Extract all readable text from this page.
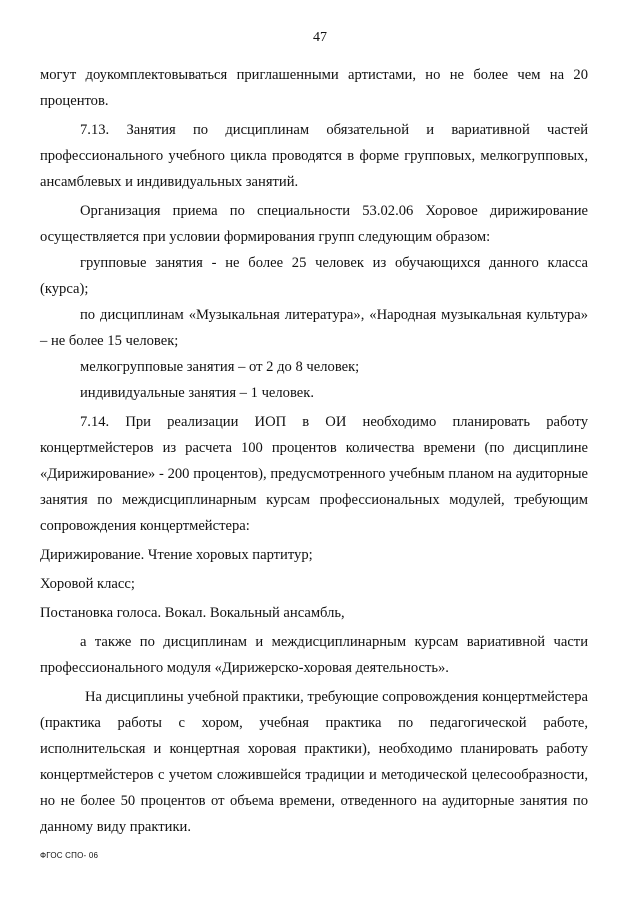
47

могут доукомплектовываться приглашенными артистами, но не более чем на 20 процентов.

7.13. Занятия по дисциплинам обязательной и вариативной частей профессионального учебного цикла проводятся в форме групповых, мелкогрупповых, ансамблевых и индивидуальных занятий.

Организация приема по специальности 53.02.06 Хоровое дирижирование осуществляется при условии формирования групп следующим образом:

групповые занятия - не более 25 человек из обучающихся данного класса (курса);

по дисциплинам «Музыкальная литература», «Народная музыкальная культура» – не более 15 человек;

мелкогрупповые занятия – от 2 до 8 человек;

индивидуальные занятия – 1 человек.

7.14. При реализации ИОП в ОИ необходимо планировать работу концертмейстеров из расчета 100 процентов количества времени (по дисциплине «Дирижирование» - 200 процентов), предусмотренного учебным планом на аудиторные занятия по междисциплинарным курсам профессиональных модулей, требующим сопровождения концертмейстера:

Дирижирование. Чтение хоровых партитур;

Хоровой класс;

Постановка голоса. Вокал. Вокальный ансамбль,

а также по дисциплинам и междисциплинарным курсам вариативной части профессионального модуля «Дирижерско-хоровая деятельность».

На дисциплины учебной практики, требующие сопровождения концертмейстера (практика работы с хором, учебная практика по педагогической работе, исполнительская и концертная хоровая практики), необходимо планировать работу концертмейстеров с учетом сложившейся традиции и методической целесообразности, но не более 50 процентов от объема времени, отведенного на аудиторные занятия по данному виду практики.

ФГОС СПО- 06
